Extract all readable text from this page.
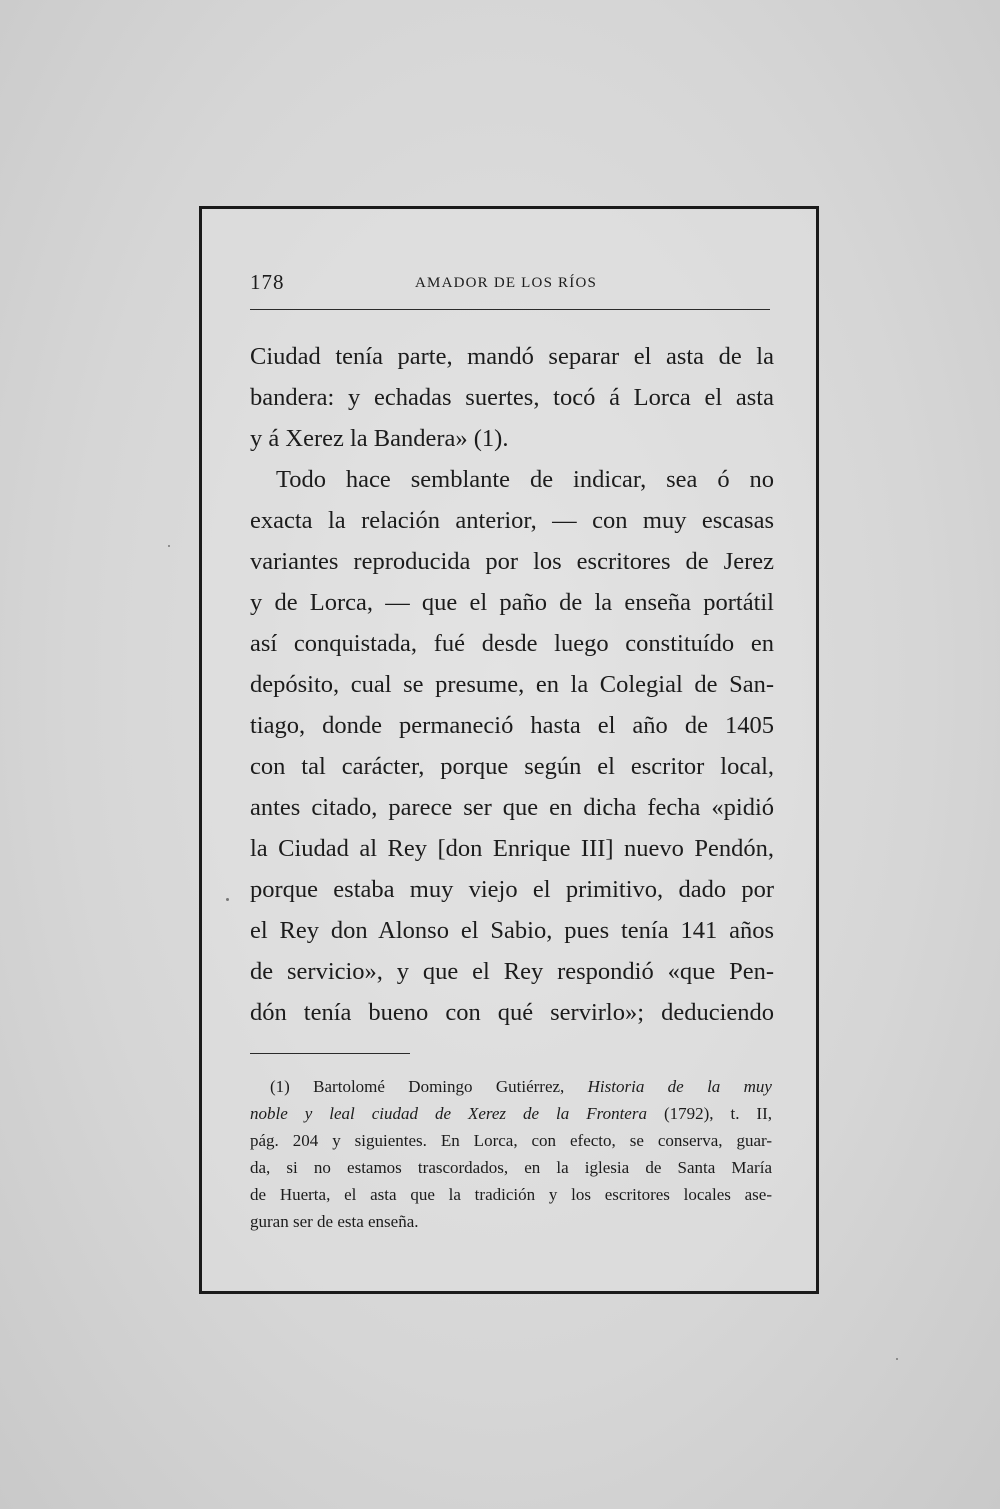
178	AMADOR DE LOS RÍOS
Ciudad tenía parte, mandó separar el asta de la
bandera: y echadas suertes, tocó á Lorca el asta
y á Xerez la Bandera» (1).
Todo hace semblante de indicar, sea ó no
exacta la relación anterior, — con muy escasas
variantes reproducida por los escritores de Jerez
y de Lorca, — que el paño de la enseña portátil
así conquistada, fué desde luego constituído en
depósito, cual se presume, en la Colegial de San-
tiago, donde permaneció hasta el año de 1405
con tal carácter, porque según el escritor local,
antes citado, parece ser que en dicha fecha «pidió
la Ciudad al Rey [don Enrique III] nuevo Pendón,
porque estaba muy viejo el primitivo, dado por
el Rey don Alonso el Sabio, pues tenía 141 años
de servicio», y que el Rey respondió «que Pen-
dón tenía bueno con qué servirlo»; deduciendo
(1) Bartolomé Domingo Gutiérrez, Historia de la muy
noble y leal ciudad de Xerez de la Frontera (1792), t. II,
pág. 204 y siguientes. En Lorca, con efecto, se conserva, guar-
da, si no estamos trascordados, en la iglesia de Santa María
de Huerta, el asta que la tradición y los escritores locales ase-
guran ser de esta enseña.
